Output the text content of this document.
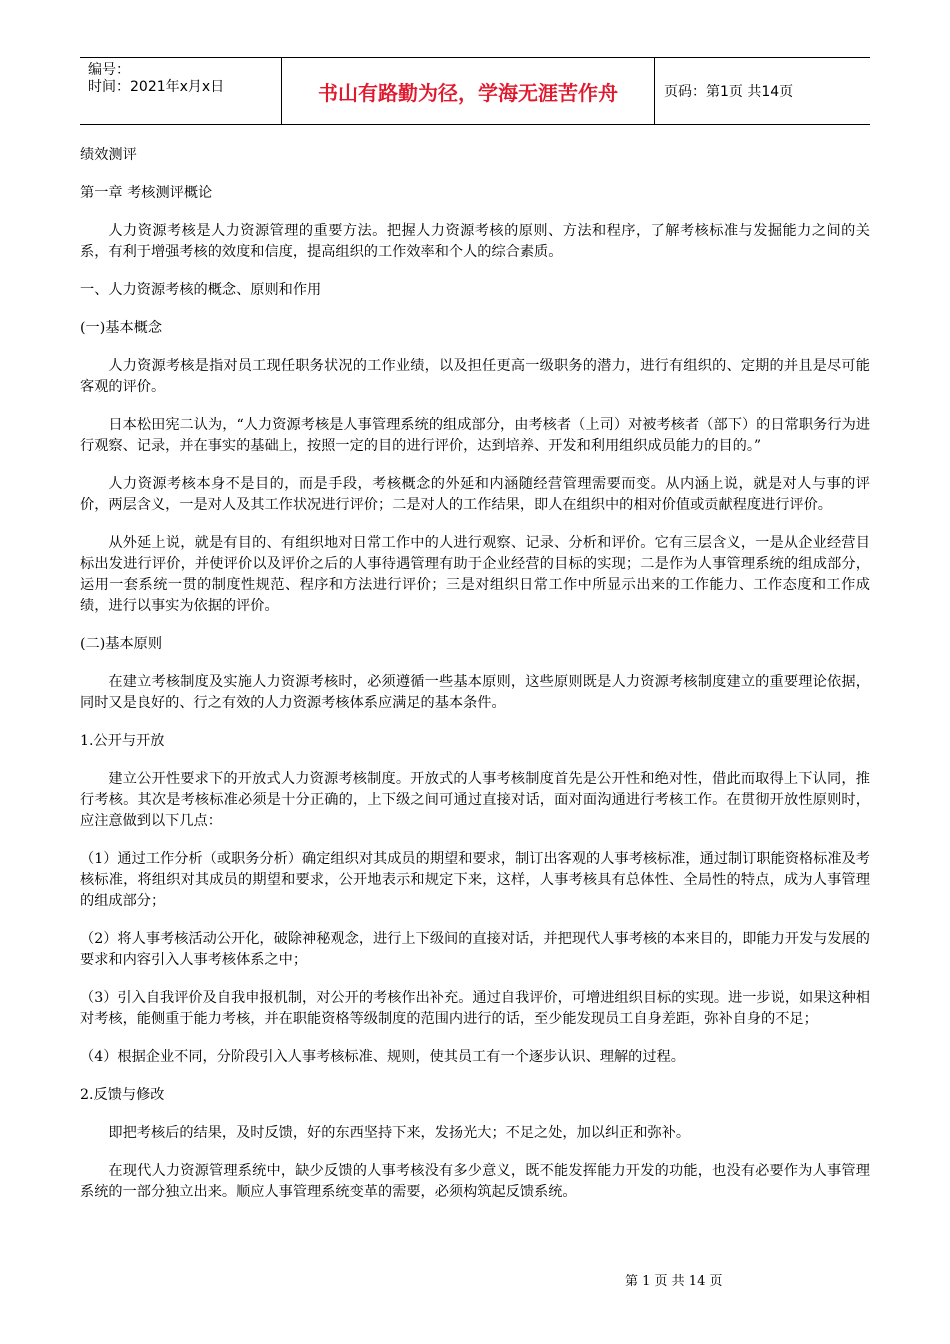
编号：
时间：2021年x月x日	书山有路勤为径，学海无涯苦作舟	页码：第1页 共14页

绩效测评

第一章 考核测评概论

人力资源考核是人力资源管理的重要方法。把握人力资源考核的原则、方法和程序，了解考核标准与发掘能力之间的关系，有利于增强考核的效度和信度，提高组织的工作效率和个人的综合素质。

一、人力资源考核的概念、原则和作用

(一)基本概念

人力资源考核是指对员工现任职务状况的工作业绩，以及担任更高一级职务的潜力，进行有组织的、定期的并且是尽可能客观的评价。

日本松田宪二认为，“人力资源考核是人事管理系统的组成部分，由考核者（上司）对被考核者（部下）的日常职务行为进行观察、记录，并在事实的基础上，按照一定的目的进行评价，达到培养、开发和利用组织成员能力的目的。”

人力资源考核本身不是目的，而是手段，考核概念的外延和内涵随经营管理需要而变。从内涵上说，就是对人与事的评价，两层含义，一是对人及其工作状况进行评价；二是对人的工作结果，即人在组织中的相对价值或贡献程度进行评价。

从外延上说，就是有目的、有组织地对日常工作中的人进行观察、记录、分析和评价。它有三层含义，一是从企业经营目标出发进行评价，并使评价以及评价之后的人事待遇管理有助于企业经营的目标的实现；二是作为人事管理系统的组成部分，运用一套系统一贯的制度性规范、程序和方法进行评价；三是对组织日常工作中所显示出来的工作能力、工作态度和工作成绩，进行以事实为依据的评价。

(二)基本原则

在建立考核制度及实施人力资源考核时，必须遵循一些基本原则，这些原则既是人力资源考核制度建立的重要理论依据，同时又是良好的、行之有效的人力资源考核体系应满足的基本条件。

1.公开与开放

建立公开性要求下的开放式人力资源考核制度。开放式的人事考核制度首先是公开性和绝对性，借此而取得上下认同，推行考核。其次是考核标准必须是十分正确的，上下级之间可通过直接对话，面对面沟通进行考核工作。在贯彻开放性原则时，应注意做到以下几点：

（1）通过工作分析（或职务分析）确定组织对其成员的期望和要求，制订出客观的人事考核标准，通过制订职能资格标准及考核标准，将组织对其成员的期望和要求，公开地表示和规定下来，这样，人事考核具有总体性、全局性的特点，成为人事管理的组成部分；

（2）将人事考核活动公开化，破除神秘观念，进行上下级间的直接对话，并把现代人事考核的本来目的，即能力开发与发展的要求和内容引入人事考核体系之中；

（3）引入自我评价及自我申报机制，对公开的考核作出补充。通过自我评价，可增进组织目标的实现。进一步说，如果这种相对考核，能侧重于能力考核，并在职能资格等级制度的范围内进行的话，至少能发现员工自身差距，弥补自身的不足；

（4）根据企业不同，分阶段引入人事考核标准、规则，使其员工有一个逐步认识、理解的过程。

2.反馈与修改

即把考核后的结果，及时反馈，好的东西坚持下来，发扬光大；不足之处，加以纠正和弥补。

在现代人力资源管理系统中，缺少反馈的人事考核没有多少意义，既不能发挥能力开发的功能，也没有必要作为人事管理系统的一部分独立出来。顺应人事管理系统变革的需要，必须构筑起反馈系统。

第 1 页 共 14 页
